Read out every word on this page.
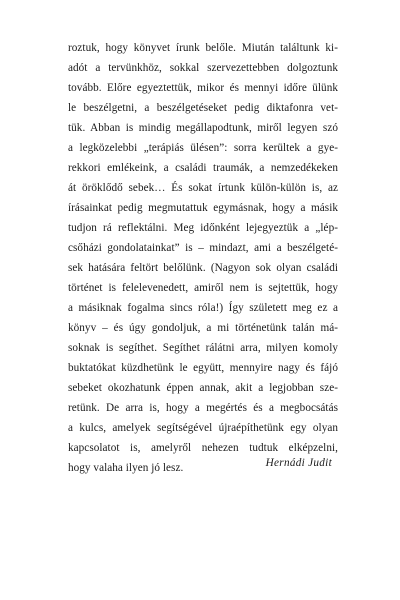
roztuk, hogy könyvet írunk belőle. Miután találtunk ki-
adót a tervünkhöz, sokkal szervezettebben dolgoztunk
tovább. Előre egyeztettük, mikor és mennyi időre ülünk
le beszélgetni, a beszélgetéseket pedig diktafonra vet-
tük. Abban is mindig megállapodtunk, miről legyen szó
a legközelebbi „terápiás ülésen”: sorra kerültek a gye-
rekkori emlékeink, a családi traumák, a nemzedékeken
át öröklődő sebek… És sokat írtunk külön-külön is, az
írásainkat pedig megmutattuk egymásnak, hogy a másik
tudjon rá reflektálni. Meg időnként lejegyeztük a „lép-
csőházi gondolatainkat” is – mindazt, ami a beszélgeté-
sek hatására feltört belőlünk. (Nagyon sok olyan családi
történet is felelevenedett, amiről nem is sejtettük, hogy
a másiknak fogalma sincs róla!) Így született meg ez a
könyv – és úgy gondoljuk, a mi történetünk talán má-
soknak is segíthet. Segíthet rálátni arra, milyen komoly
buktatókat küzdhetünk le együtt, mennyire nagy és fájó
sebeket okozhatunk éppen annak, akit a legjobban sze-
retünk. De arra is, hogy a megértés és a megbocsátás
a kulcs, amelyek segítségével újraépíthetünk egy olyan
kapcsolatot is, amelyről nehezen tudtuk elképzelni,
hogy valaha ilyen jó lesz.	Hernádi Judit
